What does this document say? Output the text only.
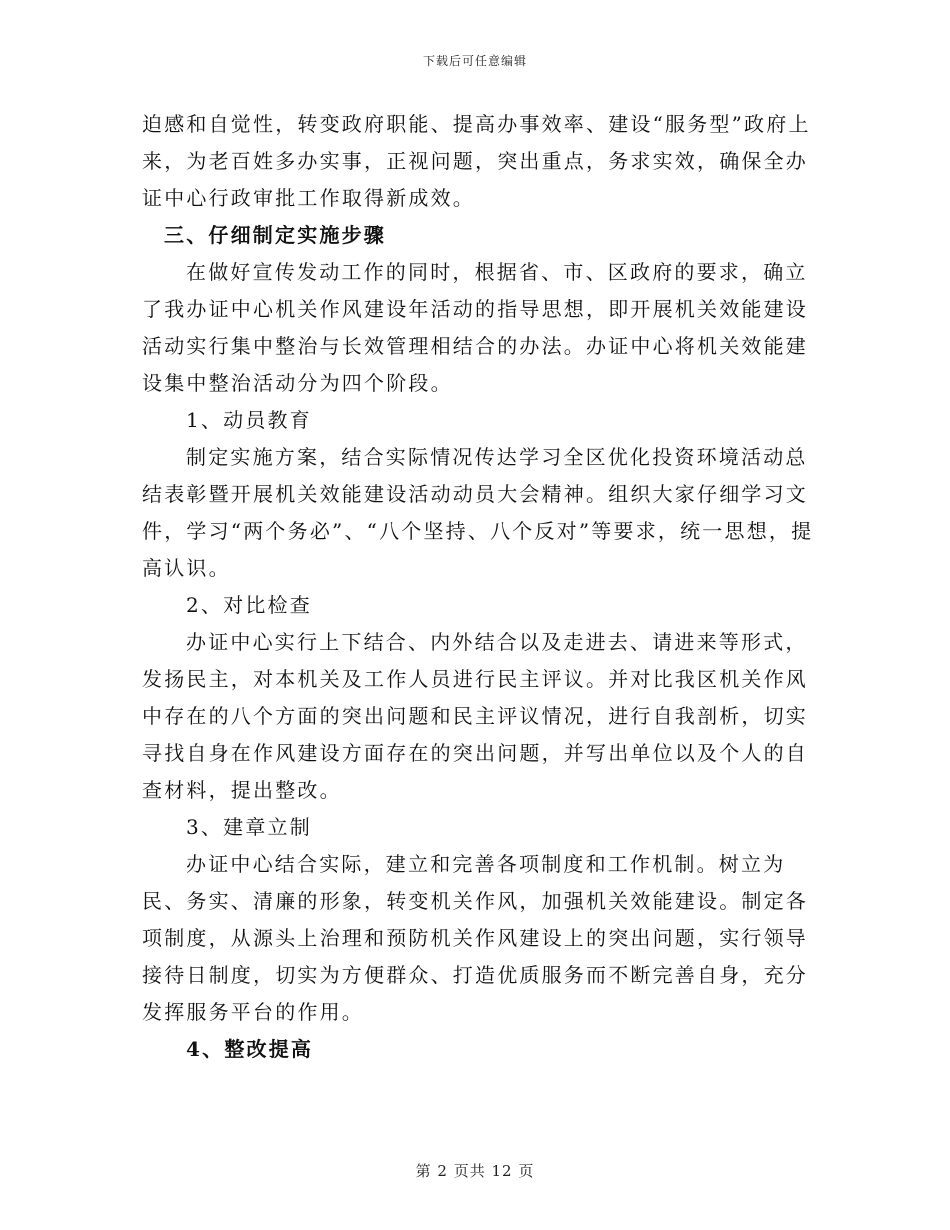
下载后可任意编辑

迫感和自觉性，转变政府职能、提高办事效率、建设“服务型”政府上来，为老百姓多办实事，正视问题，突出重点，务求实效，确保全办证中心行政审批工作取得新成效。

三、仔细制定实施步骤

在做好宣传发动工作的同时，根据省、市、区政府的要求，确立了我办证中心机关作风建设年活动的指导思想，即开展机关效能建设活动实行集中整治与长效管理相结合的办法。办证中心将机关效能建设集中整治活动分为四个阶段。

1、动员教育

制定实施方案，结合实际情况传达学习全区优化投资环境活动总结表彰暨开展机关效能建设活动动员大会精神。组织大家仔细学习文件，学习“两个务必”、“八个坚持、八个反对”等要求，统一思想，提高认识。

2、对比检查

办证中心实行上下结合、内外结合以及走进去、请进来等形式，发扬民主，对本机关及工作人员进行民主评议。并对比我区机关作风中存在的八个方面的突出问题和民主评议情况，进行自我剖析，切实寻找自身在作风建设方面存在的突出问题，并写出单位以及个人的自查材料，提出整改。

3、建章立制

办证中心结合实际，建立和完善各项制度和工作机制。树立为民、务实、清廉的形象，转变机关作风，加强机关效能建设。制定各项制度，从源头上治理和预防机关作风建设上的突出问题，实行领导接待日制度，切实为方便群众、打造优质服务而不断完善自身，充分发挥服务平台的作用。

4、整改提高

第 2 页共 12 页
